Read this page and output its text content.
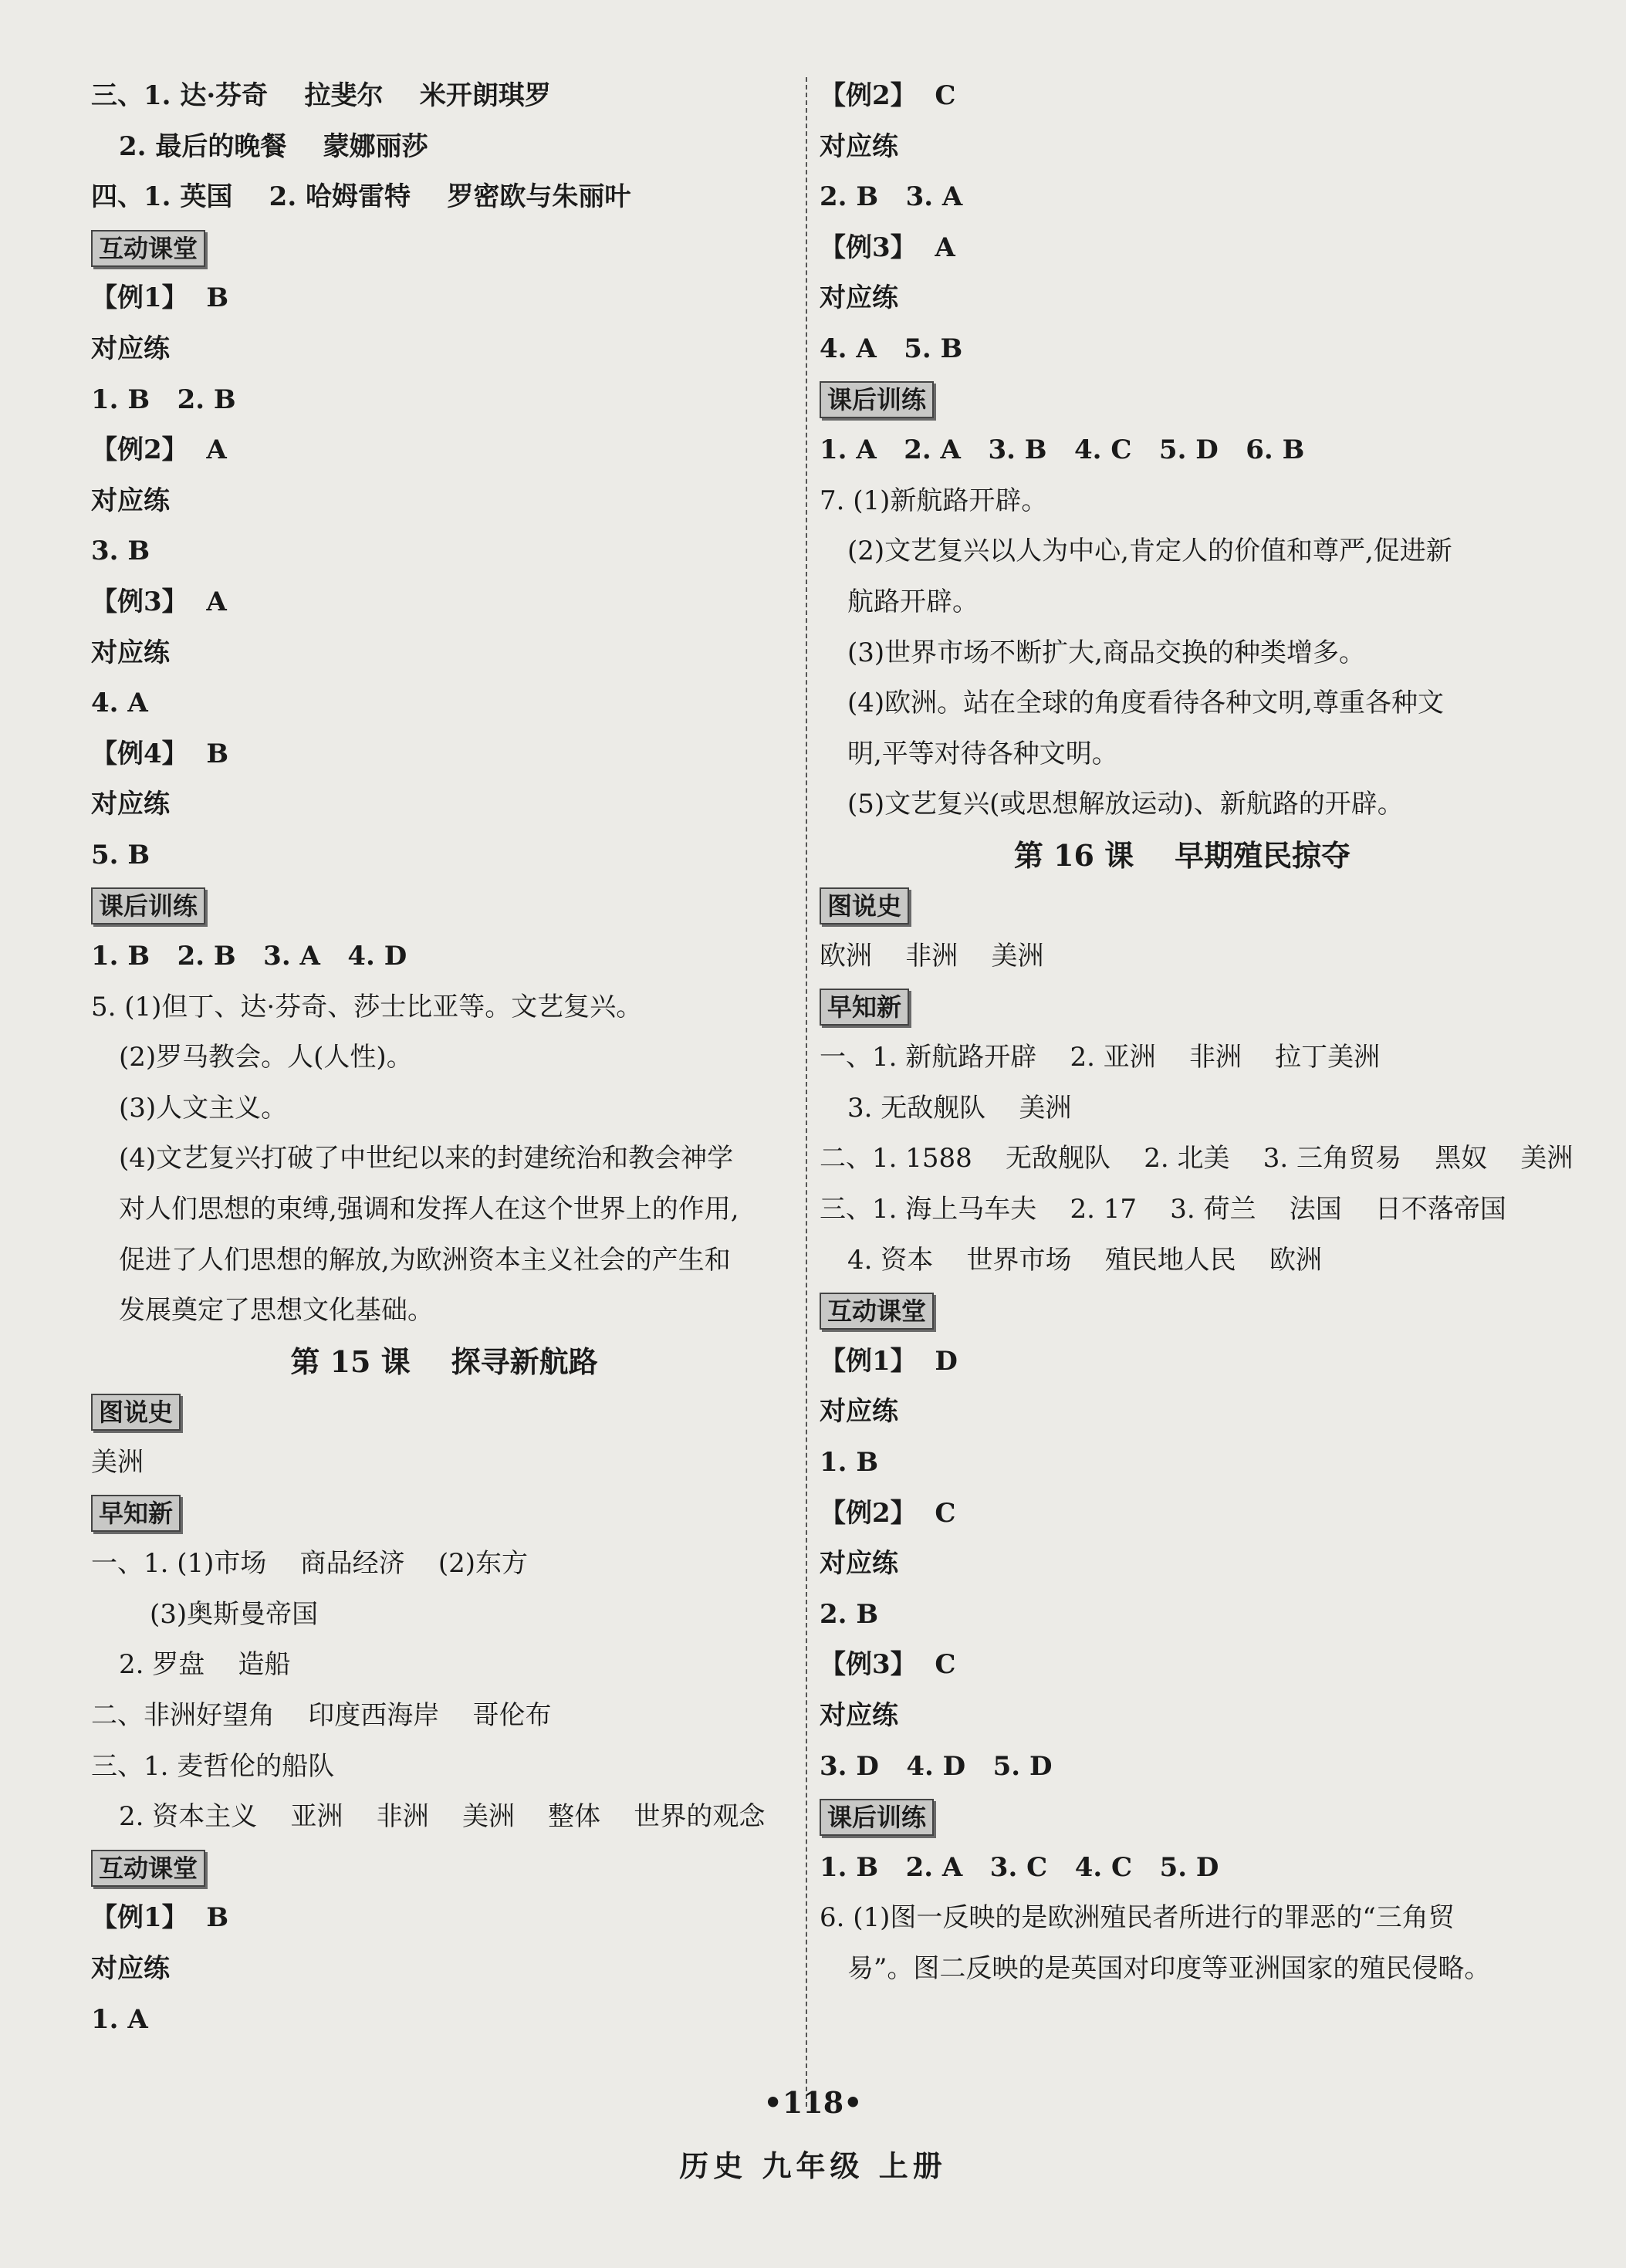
三、1. 达·芬奇    拉斐尔    米开朗琪罗
2. 最后的晚餐    蒙娜丽莎
四、1. 英国    2. 哈姆雷特    罗密欧与朱丽叶
互动课堂
【例1】  B
对应练
1. B   2. B
【例2】  A
对应练
3. B
【例3】  A
对应练
4. A
【例4】  B
对应练
5. B
课后训练
1. B   2. B   3. A   4. D
5. (1)但丁、达·芬奇、莎士比亚等。文艺复兴。
(2)罗马教会。人(人性)。
(3)人文主义。
(4)文艺复兴打破了中世纪以来的封建统治和教会神学
对人们思想的束缚,强调和发挥人在这个世界上的作用,
促进了人们思想的解放,为欧洲资本主义社会的产生和
发展奠定了思想文化基础。
第 15 课    探寻新航路
图说史
美洲
早知新
一、1. (1)市场    商品经济    (2)东方
(3)奥斯曼帝国
2. 罗盘    造船
二、非洲好望角    印度西海岸    哥伦布
三、1. 麦哲伦的船队
2. 资本主义    亚洲    非洲    美洲    整体    世界的观念
互动课堂
【例1】  B
对应练
1. A
【例2】  C
对应练
2. B   3. A
【例3】  A
对应练
4. A   5. B
课后训练
1. A   2. A   3. B   4. C   5. D   6. B
7. (1)新航路开辟。
(2)文艺复兴以人为中心,肯定人的价值和尊严,促进新
航路开辟。
(3)世界市场不断扩大,商品交换的种类增多。
(4)欧洲。站在全球的角度看待各种文明,尊重各种文
明,平等对待各种文明。
(5)文艺复兴(或思想解放运动)、新航路的开辟。
第 16 课    早期殖民掠夺
图说史
欧洲    非洲    美洲
早知新
一、1. 新航路开辟    2. 亚洲    非洲    拉丁美洲
3. 无敌舰队    美洲
二、1. 1588    无敌舰队    2. 北美    3. 三角贸易    黑奴    美洲
三、1. 海上马车夫    2. 17    3. 荷兰    法国    日不落帝国
4. 资本    世界市场    殖民地人民    欧洲
互动课堂
【例1】  D
对应练
1. B
【例2】  C
对应练
2. B
【例3】  C
对应练
3. D   4. D   5. D
课后训练
1. B   2. A   3. C   4. C   5. D
6. (1)图一反映的是欧洲殖民者所进行的罪恶的“三角贸
易”。图二反映的是英国对印度等亚洲国家的殖民侵略。
•118•
历史 九年级 上册
